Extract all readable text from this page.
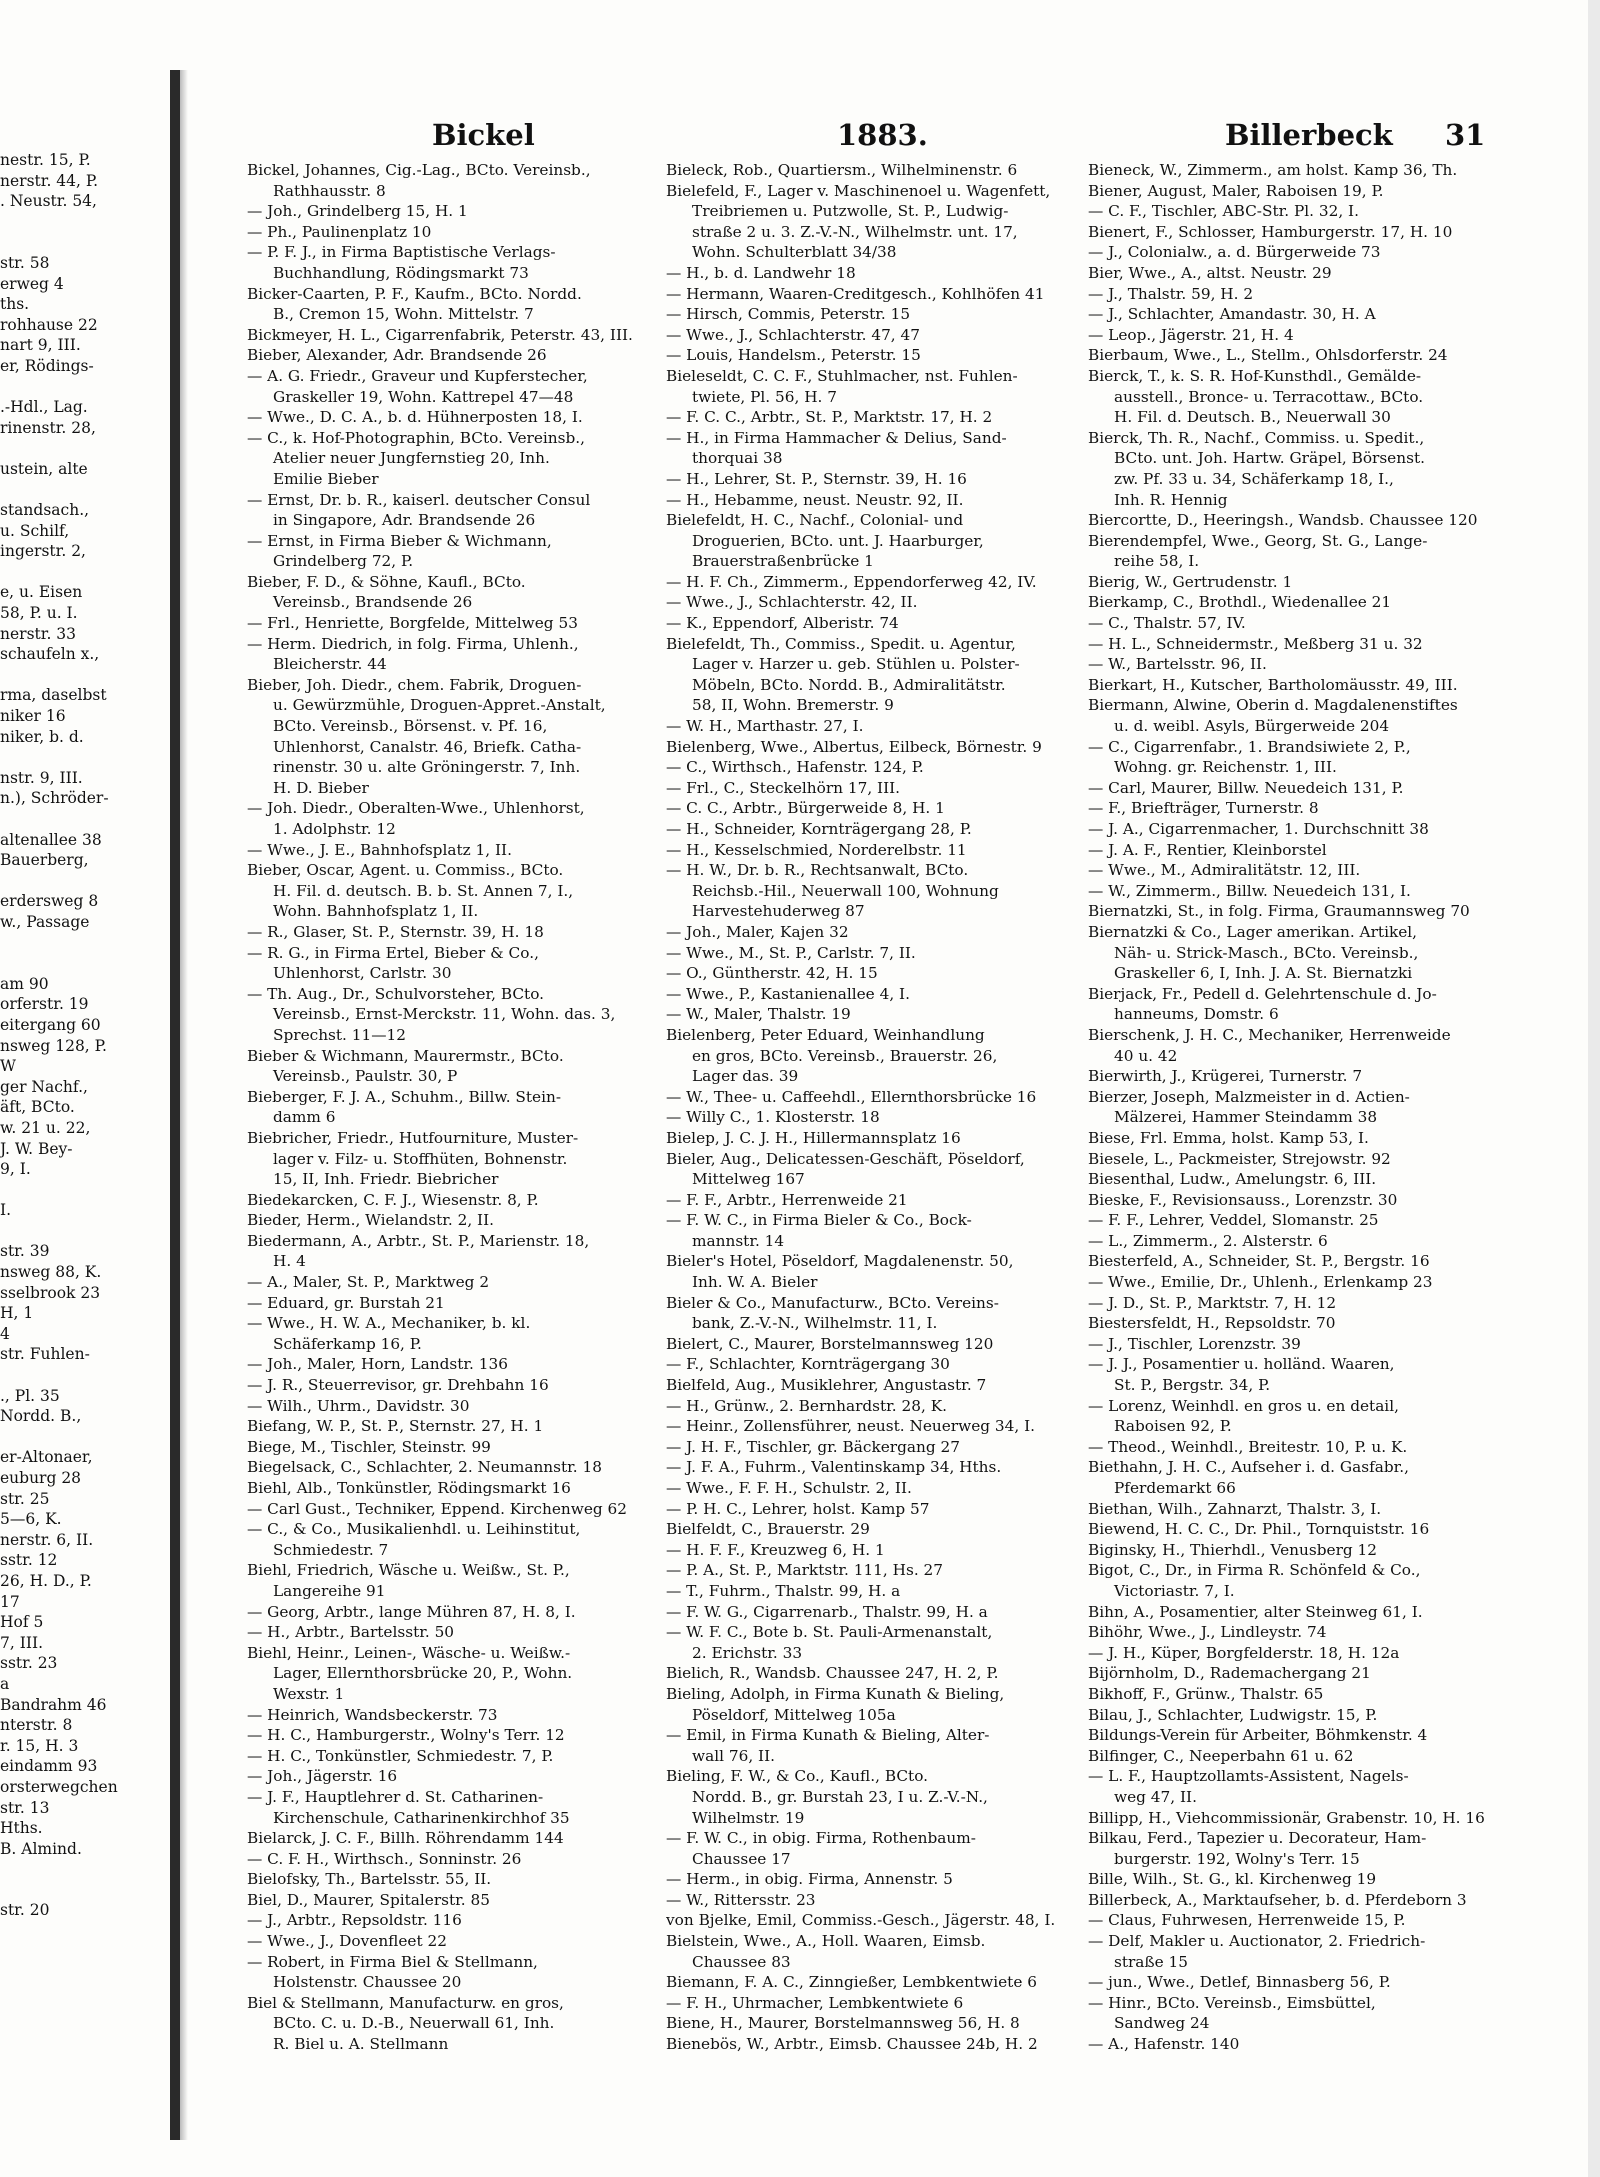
nestr. 15, P.
nerstr. 44, P.
. Neustr. 54,
str. 58
erweg 4
ths.
rohhause 22
nart 9, III.
er, Rödings-
.-Hdl., Lag.
rinenstr. 28,
ustein, alte
standsach.,
u. Schilf,
ingerstr. 2,
e, u. Eisen
58, P. u. I.
nerstr. 33
schaufeln x.,
rma, daselbst
niker 16
niker, b. d.
nstr. 9, III.
n.), Schröder-
altenallee 38
Bauerberg,
erdersweg 8
w., Passage
am 90
orferstr. 19
eitergang 60
nsweg 128, P.
W
ger Nachf.,
äft, BCto.
w. 21 u. 22,
J. W. Bey-
9, I.
I.
str. 39
nsweg 88, K.
sselbrook 23
H, 1
4
str. Fuhlen-
., Pl. 35
Nordd. B.,
er-Altonaer,
euburg 28
str. 25
5—6, K.
nerstr. 6, II.
sstr. 12
26, H. D., P.
17
Hof 5
7, III.
sstr. 23
a
Bandrahm 46
nterstr. 8
r. 15, H. 3
eindamm 93
orsterwegchen
str. 13
Hths.
B. Almind.
str. 20
Bickel	1883.	Billerbeck 31
Bickel, Johannes, Cig.-Lag., BCto. Vereinsb.,
Rathhausstr. 8
— Joh., Grindelberg 15, H. 1
— Ph., Paulinenplatz 10
— P. F. J., in Firma Baptistische Verlags-
Buchhandlung, Rödingsmarkt 73
Bicker-Caarten, P. F., Kaufm., BCto. Nordd.
B., Cremon 15, Wohn. Mittelstr. 7
Bickmeyer, H. L., Cigarrenfabrik, Peterstr. 43, III.
Bieber, Alexander, Adr. Brandsende 26
— A. G. Friedr., Graveur und Kupferstecher,
Graskeller 19, Wohn. Kattrepel 47—48
— Wwe., D. C. A., b. d. Hühnerposten 18, I.
— C., k. Hof-Photographin, BCto. Vereinsb.,
Atelier neuer Jungfernstieg 20, Inh.
Emilie Bieber
— Ernst, Dr. b. R., kaiserl. deutscher Consul
in Singapore, Adr. Brandsende 26
— Ernst, in Firma Bieber & Wichmann,
Grindelberg 72, P.
Bieber, F. D., & Söhne, Kaufl., BCto.
Vereinsb., Brandsende 26
— Frl., Henriette, Borgfelde, Mittelweg 53
— Herm. Diedrich, in folg. Firma, Uhlenh.,
Bleicherstr. 44
Bieber, Joh. Diedr., chem. Fabrik, Droguen-
u. Gewürzmühle, Droguen-Appret.-Anstalt,
BCto. Vereinsb., Börsenst. v. Pf. 16,
Uhlenhorst, Canalstr. 46, Briefk. Catha-
rinenstr. 30 u. alte Gröningerstr. 7, Inh.
H. D. Bieber
— Joh. Diedr., Oberalten-Wwe., Uhlenhorst,
1. Adolphstr. 12
— Wwe., J. E., Bahnhofsplatz 1, II.
Bieber, Oscar, Agent. u. Commiss., BCto.
H. Fil. d. deutsch. B. b. St. Annen 7, I.,
Wohn. Bahnhofsplatz 1, II.
— R., Glaser, St. P., Sternstr. 39, H. 18
— R. G., in Firma Ertel, Bieber & Co.,
Uhlenhorst, Carlstr. 30
— Th. Aug., Dr., Schulvorsteher, BCto.
Vereinsb., Ernst-Merckstr. 11, Wohn. das. 3,
Sprechst. 11—12
Bieber & Wichmann, Maurermstr., BCto.
Vereinsb., Paulstr. 30, P
Bieberger, F. J. A., Schuhm., Billw. Stein-
damm 6
Biebricher, Friedr., Hutfourniture, Muster-
lager v. Filz- u. Stoffhüten, Bohnenstr.
15, II, Inh. Friedr. Biebricher
Biedekarcken, C. F. J., Wiesenstr. 8, P.
Bieder, Herm., Wielandstr. 2, II.
Biedermann, A., Arbtr., St. P., Marienstr. 18,
H. 4
— A., Maler, St. P., Marktweg 2
— Eduard, gr. Burstah 21
— Wwe., H. W. A., Mechaniker, b. kl.
Schäferkamp 16, P.
— Joh., Maler, Horn, Landstr. 136
— J. R., Steuerrevisor, gr. Drehbahn 16
— Wilh., Uhrm., Davidstr. 30
Biefang, W. P., St. P., Sternstr. 27, H. 1
Biege, M., Tischler, Steinstr. 99
Biegelsack, C., Schlachter, 2. Neumannstr. 18
Biehl, Alb., Tonkünstler, Rödingsmarkt 16
— Carl Gust., Techniker, Eppend. Kirchenweg 62
— C., & Co., Musikalienhdl. u. Leihinstitut,
Schmiedestr. 7
Biehl, Friedrich, Wäsche u. Weißw., St. P.,
Langereihe 91
— Georg, Arbtr., lange Mühren 87, H. 8, I.
— H., Arbtr., Bartelsstr. 50
Biehl, Heinr., Leinen-, Wäsche- u. Weißw.-
Lager, Ellernthorsbrücke 20, P., Wohn.
Wexstr. 1
— Heinrich, Wandsbeckerstr. 73
— H. C., Hamburgerstr., Wolny's Terr. 12
— H. C., Tonkünstler, Schmiedestr. 7, P.
— Joh., Jägerstr. 16
— J. F., Hauptlehrer d. St. Catharinen-
Kirchenschule, Catharinenkirchhof 35
Bielarck, J. C. F., Billh. Röhrendamm 144
— C. F. H., Wirthsch., Sonninstr. 26
Bielofsky, Th., Bartelsstr. 55, II.
Biel, D., Maurer, Spitalerstr. 85
— J., Arbtr., Repsoldstr. 116
— Wwe., J., Dovenfleet 22
— Robert, in Firma Biel & Stellmann,
Holstenstr. Chaussee 20
Biel & Stellmann, Manufacturw. en gros,
BCto. C. u. D.-B., Neuerwall 61, Inh.
R. Biel u. A. Stellmann
Bieleck, Rob., Quartiersm., Wilhelminenstr. 6
Bielefeld, F., Lager v. Maschinenoel u. Wagenfett,
Treibriemen u. Putzwolle, St. P., Ludwig-
straße 2 u. 3. Z.-V.-N., Wilhelmstr. unt. 17,
Wohn. Schulterblatt 34/38
— H., b. d. Landwehr 18
— Hermann, Waaren-Creditgesch., Kohlhöfen 41
— Hirsch, Commis, Peterstr. 15
— Wwe., J., Schlachterstr. 47, 47
— Louis, Handelsm., Peterstr. 15
Bieleseldt, C. C. F., Stuhlmacher, nst. Fuhlen-
twiete, Pl. 56, H. 7
— F. C. C., Arbtr., St. P., Marktstr. 17, H. 2
— H., in Firma Hammacher & Delius, Sand-
thorquai 38
— H., Lehrer, St. P., Sternstr. 39, H. 16
— H., Hebamme, neust. Neustr. 92, II.
Bielefeldt, H. C., Nachf., Colonial- und
Droguerien, BCto. unt. J. Haarburger,
Brauerstraßenbrücke 1
— H. F. Ch., Zimmerm., Eppendorferweg 42, IV.
— Wwe., J., Schlachterstr. 42, II.
— K., Eppendorf, Alberistr. 74
Bielefeldt, Th., Commiss., Spedit. u. Agentur,
Lager v. Harzer u. geb. Stühlen u. Polster-
Möbeln, BCto. Nordd. B., Admiralitätstr.
58, II, Wohn. Bremerstr. 9
— W. H., Marthastr. 27, I.
Bielenberg, Wwe., Albertus, Eilbeck, Börnestr. 9
— C., Wirthsch., Hafenstr. 124, P.
— Frl., C., Steckelhörn 17, III.
— C. C., Arbtr., Bürgerweide 8, H. 1
— H., Schneider, Kornträgergang 28, P.
— H., Kesselschmied, Norderelbstr. 11
— H. W., Dr. b. R., Rechtsanwalt, BCto.
Reichsb.-Hil., Neuerwall 100, Wohnung
Harvestehuderweg 87
— Joh., Maler, Kajen 32
— Wwe., M., St. P., Carlstr. 7, II.
— O., Güntherstr. 42, H. 15
— Wwe., P., Kastanienallee 4, I.
— W., Maler, Thalstr. 19
Bielenberg, Peter Eduard, Weinhandlung
en gros, BCto. Vereinsb., Brauerstr. 26,
Lager das. 39
— W., Thee- u. Caffeehdl., Ellernthorsbrücke 16
— Willy C., 1. Klosterstr. 18
Bielep, J. C. J. H., Hillermannsplatz 16
Bieler, Aug., Delicatessen-Geschäft, Pöseldorf,
Mittelweg 167
— F. F., Arbtr., Herrenweide 21
— F. W. C., in Firma Bieler & Co., Bock-
mannstr. 14
Bieler's Hotel, Pöseldorf, Magdalenenstr. 50,
Inh. W. A. Bieler
Bieler & Co., Manufacturw., BCto. Vereins-
bank, Z.-V.-N., Wilhelmstr. 11, I.
Bielert, C., Maurer, Borstelmannsweg 120
— F., Schlachter, Kornträgergang 30
Bielfeld, Aug., Musiklehrer, Angustastr. 7
— H., Grünw., 2. Bernhardstr. 28, K.
— Heinr., Zollensführer, neust. Neuerweg 34, I.
— J. H. F., Tischler, gr. Bäckergang 27
— J. F. A., Fuhrm., Valentinskamp 34, Hths.
— Wwe., F. F. H., Schulstr. 2, II.
— P. H. C., Lehrer, holst. Kamp 57
Bielfeldt, C., Brauerstr. 29
— H. F. F., Kreuzweg 6, H. 1
— P. A., St. P., Marktstr. 111, Hs. 27
— T., Fuhrm., Thalstr. 99, H. a
— F. W. G., Cigarrenarb., Thalstr. 99, H. a
— W. F. C., Bote b. St. Pauli-Armenanstalt,
2. Erichstr. 33
Bielich, R., Wandsb. Chaussee 247, H. 2, P.
Bieling, Adolph, in Firma Kunath & Bieling,
Pöseldorf, Mittelweg 105a
— Emil, in Firma Kunath & Bieling, Alter-
wall 76, II.
Bieling, F. W., & Co., Kaufl., BCto.
Nordd. B., gr. Burstah 23, I u. Z.-V.-N.,
Wilhelmstr. 19
— F. W. C., in obig. Firma, Rothenbaum-
Chaussee 17
— Herm., in obig. Firma, Annenstr. 5
— W., Rittersstr. 23
von Bjelke, Emil, Commiss.-Gesch., Jägerstr. 48, I.
Bielstein, Wwe., A., Holl. Waaren, Eimsb.
Chaussee 83
Biemann, F. A. C., Zinngießer, Lembkentwiete 6
— F. H., Uhrmacher, Lembkentwiete 6
Biene, H., Maurer, Borstelmannsweg 56, H. 8
Bienebös, W., Arbtr., Eimsb. Chaussee 24b, H. 2
Bieneck, W., Zimmerm., am holst. Kamp 36, Th.
Biener, August, Maler, Raboisen 19, P.
— C. F., Tischler, ABC-Str. Pl. 32, I.
Bienert, F., Schlosser, Hamburgerstr. 17, H. 10
— J., Colonialw., a. d. Bürgerweide 73
Bier, Wwe., A., altst. Neustr. 29
— J., Thalstr. 59, H. 2
— J., Schlachter, Amandastr. 30, H. A
— Leop., Jägerstr. 21, H. 4
Bierbaum, Wwe., L., Stellm., Ohlsdorferstr. 24
Bierck, T., k. S. R. Hof-Kunsthdl., Gemälde-
ausstell., Bronce- u. Terracottaw., BCto.
H. Fil. d. Deutsch. B., Neuerwall 30
Bierck, Th. R., Nachf., Commiss. u. Spedit.,
BCto. unt. Joh. Hartw. Gräpel, Börsenst.
zw. Pf. 33 u. 34, Schäferkamp 18, I.,
Inh. R. Hennig
Biercortte, D., Heeringsh., Wandsb. Chaussee 120
Bierendempfel, Wwe., Georg, St. G., Lange-
reihe 58, I.
Bierig, W., Gertrudenstr. 1
Bierkamp, C., Brothdl., Wiedenallee 21
— C., Thalstr. 57, IV.
— H. L., Schneidermstr., Meßberg 31 u. 32
— W., Bartelsstr. 96, II.
Bierkart, H., Kutscher, Bartholomäusstr. 49, III.
Biermann, Alwine, Oberin d. Magdalenenstiftes
u. d. weibl. Asyls, Bürgerweide 204
— C., Cigarrenfabr., 1. Brandsiwiete 2, P.,
Wohng. gr. Reichenstr. 1, III.
— Carl, Maurer, Billw. Neuedeich 131, P.
— F., Briefträger, Turnerstr. 8
— J. A., Cigarrenmacher, 1. Durchschnitt 38
— J. A. F., Rentier, Kleinborstel
— Wwe., M., Admiralitätstr. 12, III.
— W., Zimmerm., Billw. Neuedeich 131, I.
Biernatzki, St., in folg. Firma, Graumannsweg 70
Biernatzki & Co., Lager amerikan. Artikel,
Näh- u. Strick-Masch., BCto. Vereinsb.,
Graskeller 6, I, Inh. J. A. St. Biernatzki
Bierjack, Fr., Pedell d. Gelehrtenschule d. Jo-
hanneums, Domstr. 6
Bierschenk, J. H. C., Mechaniker, Herrenweide
40 u. 42
Bierwirth, J., Krügerei, Turnerstr. 7
Bierzer, Joseph, Malzmeister in d. Actien-
Mälzerei, Hammer Steindamm 38
Biese, Frl. Emma, holst. Kamp 53, I.
Biesele, L., Packmeister, Strejowstr. 92
Biesenthal, Ludw., Amelungstr. 6, III.
Bieske, F., Revisionsauss., Lorenzstr. 30
— F. F., Lehrer, Veddel, Slomanstr. 25
— L., Zimmerm., 2. Alsterstr. 6
Biesterfeld, A., Schneider, St. P., Bergstr. 16
— Wwe., Emilie, Dr., Uhlenh., Erlenkamp 23
— J. D., St. P., Marktstr. 7, H. 12
Biestersfeldt, H., Repsoldstr. 70
— J., Tischler, Lorenzstr. 39
— J. J., Posamentier u. holländ. Waaren,
St. P., Bergstr. 34, P.
— Lorenz, Weinhdl. en gros u. en detail,
Raboisen 92, P.
— Theod., Weinhdl., Breitestr. 10, P. u. K.
Biethahn, J. H. C., Aufseher i. d. Gasfabr.,
Pferdemarkt 66
Biethan, Wilh., Zahnarzt, Thalstr. 3, I.
Biewend, H. C. C., Dr. Phil., Tornquiststr. 16
Biginsky, H., Thierhdl., Venusberg 12
Bigot, C., Dr., in Firma R. Schönfeld & Co.,
Victoriastr. 7, I.
Bihn, A., Posamentier, alter Steinweg 61, I.
Bihöhr, Wwe., J., Lindleystr. 74
— J. H., Küper, Borgfelderstr. 18, H. 12a
Bijörnholm, D., Rademachergang 21
Bikhoff, F., Grünw., Thalstr. 65
Bilau, J., Schlachter, Ludwigstr. 15, P.
Bildungs-Verein für Arbeiter, Böhmkenstr. 4
Bilfinger, C., Neeperbahn 61 u. 62
— L. F., Hauptzollamts-Assistent, Nagels-
weg 47, II.
Billipp, H., Viehcommissionär, Grabenstr. 10, H. 16
Bilkau, Ferd., Tapezier u. Decorateur, Ham-
burgerstr. 192, Wolny's Terr. 15
Bille, Wilh., St. G., kl. Kirchenweg 19
Billerbeck, A., Marktaufseher, b. d. Pferdeborn 3
— Claus, Fuhrwesen, Herrenweide 15, P.
— Delf, Makler u. Auctionator, 2. Friedrich-
straße 15
— jun., Wwe., Detlef, Binnasberg 56, P.
— Hinr., BCto. Vereinsb., Eimsbüttel,
Sandweg 24
— A., Hafenstr. 140
